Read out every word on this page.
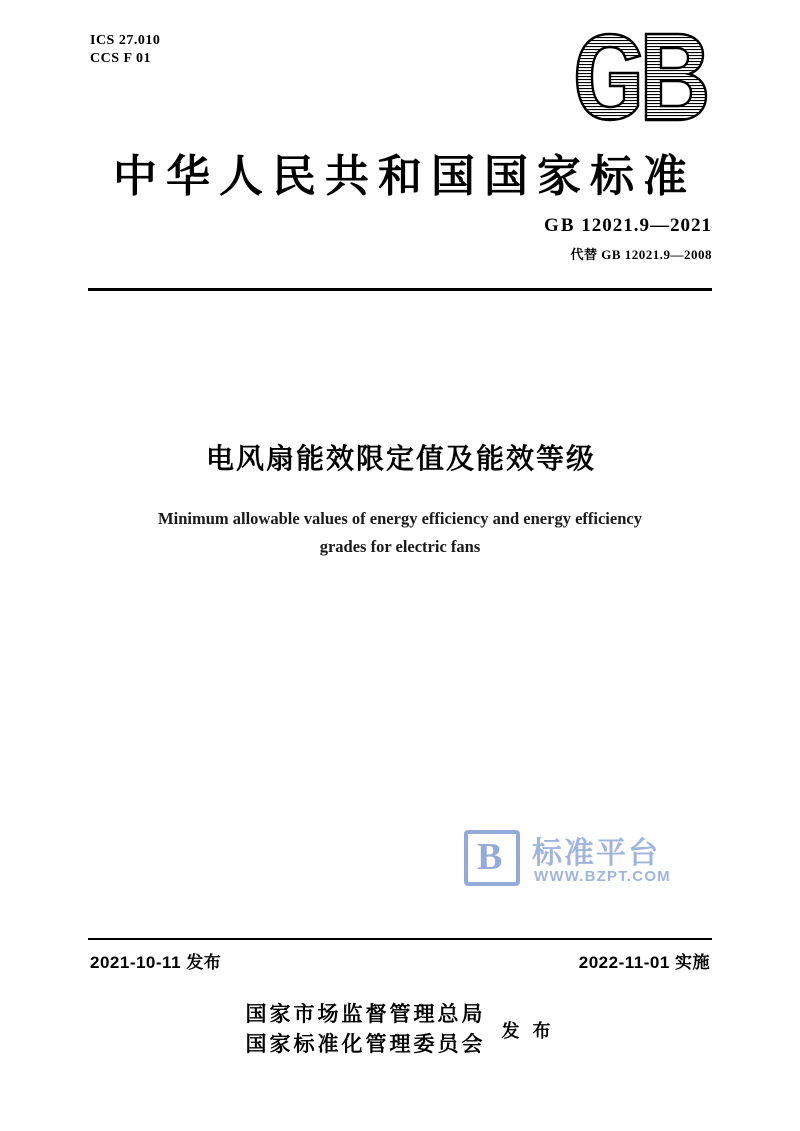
ICS 27.010
CCS F 01
中华人民共和国国家标准
GB 12021.9—2021
代替 GB 12021.9—2008
电风扇能效限定值及能效等级
Minimum allowable values of energy efficiency and energy efficiency
grades for electric fans
B 标准平台
WWW.BZPT.COM
2021-10-11 发布	2022-11-01 实施
国家市场监督管理总局
国家标准化管理委员会
发 布
